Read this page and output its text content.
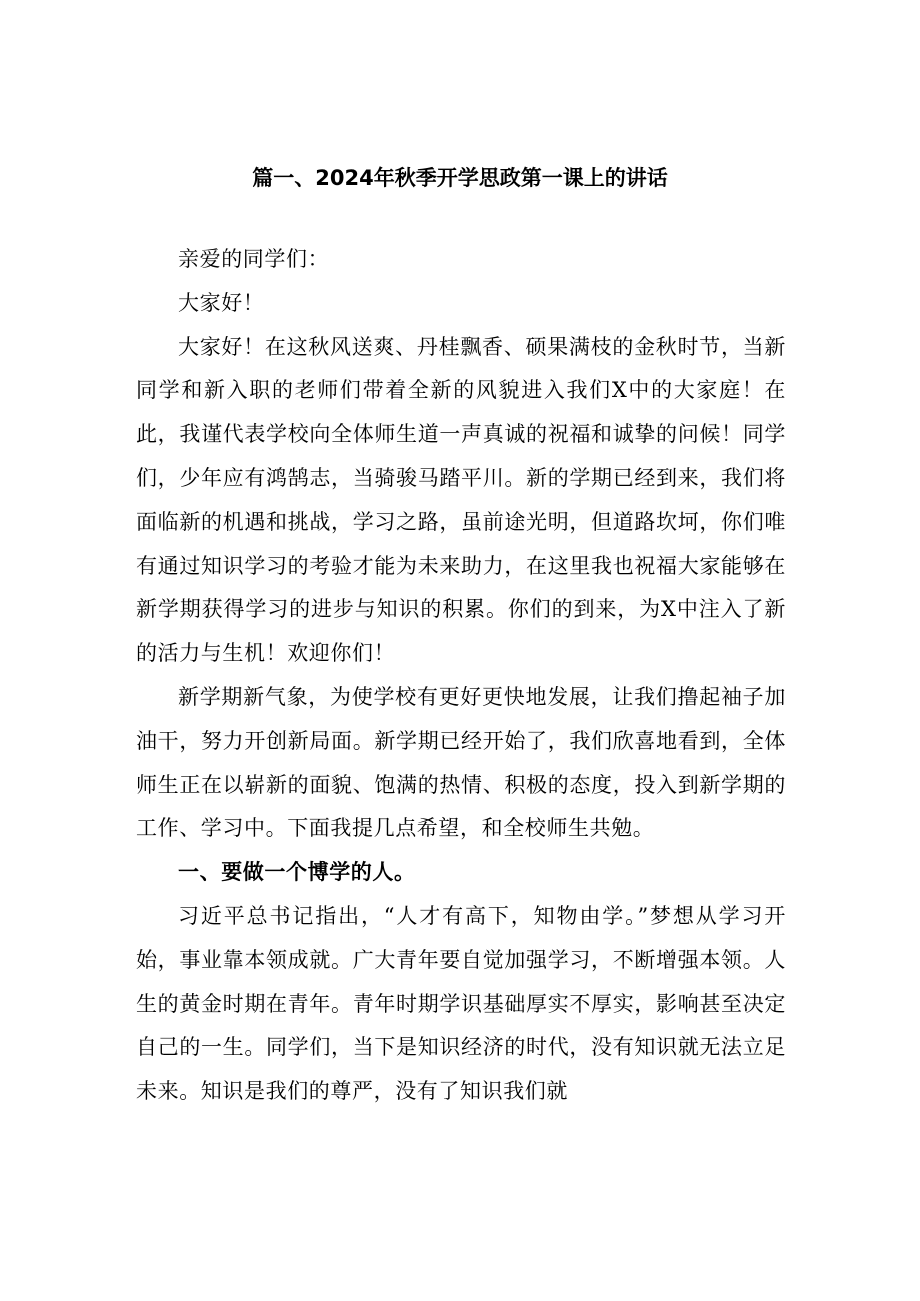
篇一、2024年秋季开学思政第一课上的讲话

亲爱的同学们：

大家好！

大家好！在这秋风送爽、丹桂飘香、硕果满枝的金秋时节，当新同学和新入职的老师们带着全新的风貌进入我们X中的大家庭！在此，我谨代表学校向全体师生道一声真诚的祝福和诚挚的问候！同学们，少年应有鸿鹄志，当骑骏马踏平川。新的学期已经到来，我们将面临新的机遇和挑战，学习之路，虽前途光明，但道路坎坷，你们唯有通过知识学习的考验才能为未来助力，在这里我也祝福大家能够在新学期获得学习的进步与知识的积累。你们的到来，为X中注入了新的活力与生机！欢迎你们！

新学期新气象，为使学校有更好更快地发展，让我们撸起袖子加油干，努力开创新局面。新学期已经开始了，我们欣喜地看到，全体师生正在以崭新的面貌、饱满的热情、积极的态度，投入到新学期的工作、学习中。下面我提几点希望，和全校师生共勉。

一、要做一个博学的人。

习近平总书记指出，“人才有高下，知物由学。”梦想从学习开始，事业靠本领成就。广大青年要自觉加强学习，不断增强本领。人生的黄金时期在青年。青年时期学识基础厚实不厚实，影响甚至决定自己的一生。同学们，当下是知识经济的时代，没有知识就无法立足未来。知识是我们的尊严，没有了知识我们就
